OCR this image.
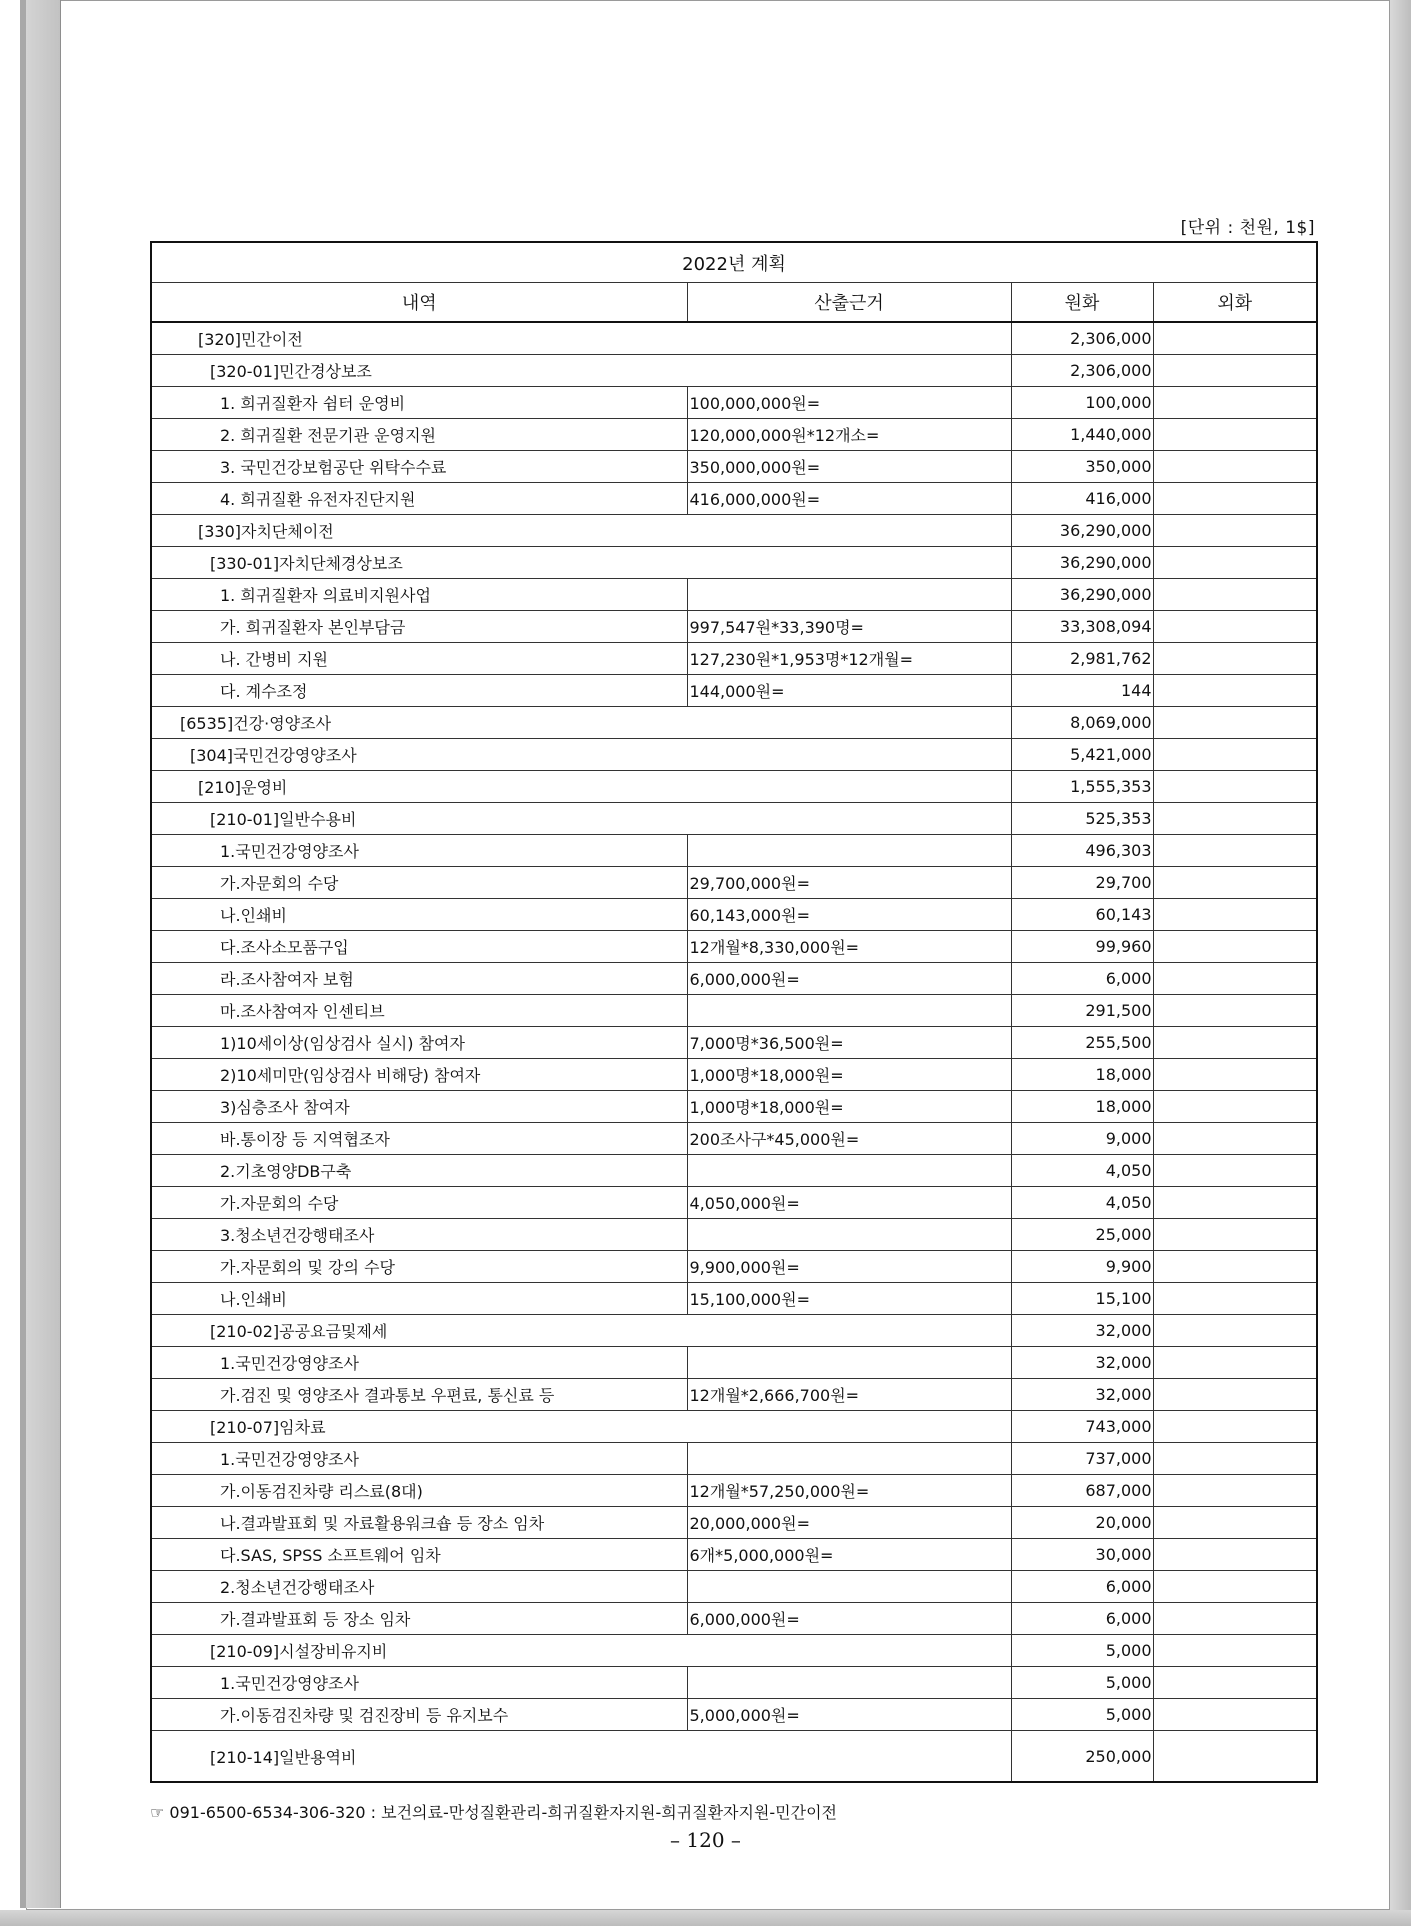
[단위 : 천원, 1$]
2022년 계획			
내역	산출근거	원화	외화
[320]민간이전		2,306,000	
[320-01]민간경상보조		2,306,000	
1. 희귀질환자 쉼터 운영비	100,000,000원=	100,000	
2. 희귀질환 전문기관 운영지원	120,000,000원*12개소=	1,440,000	
3. 국민건강보험공단 위탁수수료	350,000,000원=	350,000	
4. 희귀질환 유전자진단지원	416,000,000원=	416,000	
[330]자치단체이전		36,290,000	
[330-01]자치단체경상보조		36,290,000	
1. 희귀질환자 의료비지원사업		36,290,000	
가. 희귀질환자 본인부담금	997,547원*33,390명=	33,308,094	
나. 간병비 지원	127,230원*1,953명*12개월=	2,981,762	
다. 계수조정	144,000원=	144	
[6535]건강·영양조사		8,069,000	
[304]국민건강영양조사		5,421,000	
[210]운영비		1,555,353	
[210-01]일반수용비		525,353	
1.국민건강영양조사		496,303	
가.자문회의 수당	29,700,000원=	29,700	
나.인쇄비	60,143,000원=	60,143	
다.조사소모품구입	12개월*8,330,000원=	99,960	
라.조사참여자 보험	6,000,000원=	6,000	
마.조사참여자 인센티브		291,500	
1)10세이상(임상검사 실시) 참여자	7,000명*36,500원=	255,500	
2)10세미만(임상검사 비해당) 참여자	1,000명*18,000원=	18,000	
3)심층조사 참여자	1,000명*18,000원=	18,000	
바.통이장 등 지역협조자	200조사구*45,000원=	9,000	
2.기초영양DB구축		4,050	
가.자문회의 수당	4,050,000원=	4,050	
3.청소년건강행태조사		25,000	
가.자문회의 및 강의 수당	9,900,000원=	9,900	
나.인쇄비	15,100,000원=	15,100	
[210-02]공공요금및제세		32,000	
1.국민건강영양조사		32,000	
가.검진 및 영양조사 결과통보 우편료, 통신료 등	12개월*2,666,700원=	32,000	
[210-07]임차료		743,000	
1.국민건강영양조사		737,000	
가.이동검진차량 리스료(8대)	12개월*57,250,000원=	687,000	
나.결과발표회 및 자료활용워크숍 등 장소 임차	20,000,000원=	20,000	
다.SAS, SPSS 소프트웨어 임차	6개*5,000,000원=	30,000	
2.청소년건강행태조사		6,000	
가.결과발표회 등 장소 임차	6,000,000원=	6,000	
[210-09]시설장비유지비		5,000	
1.국민건강영양조사		5,000	
가.이동검진차량 및 검진장비 등 유지보수	5,000,000원=	5,000	
[210-14]일반용역비		250,000	
☞ 091-6500-6534-306-320 : 보건의료-만성질환관리-희귀질환자지원-희귀질환자지원-민간이전
– 120 –
